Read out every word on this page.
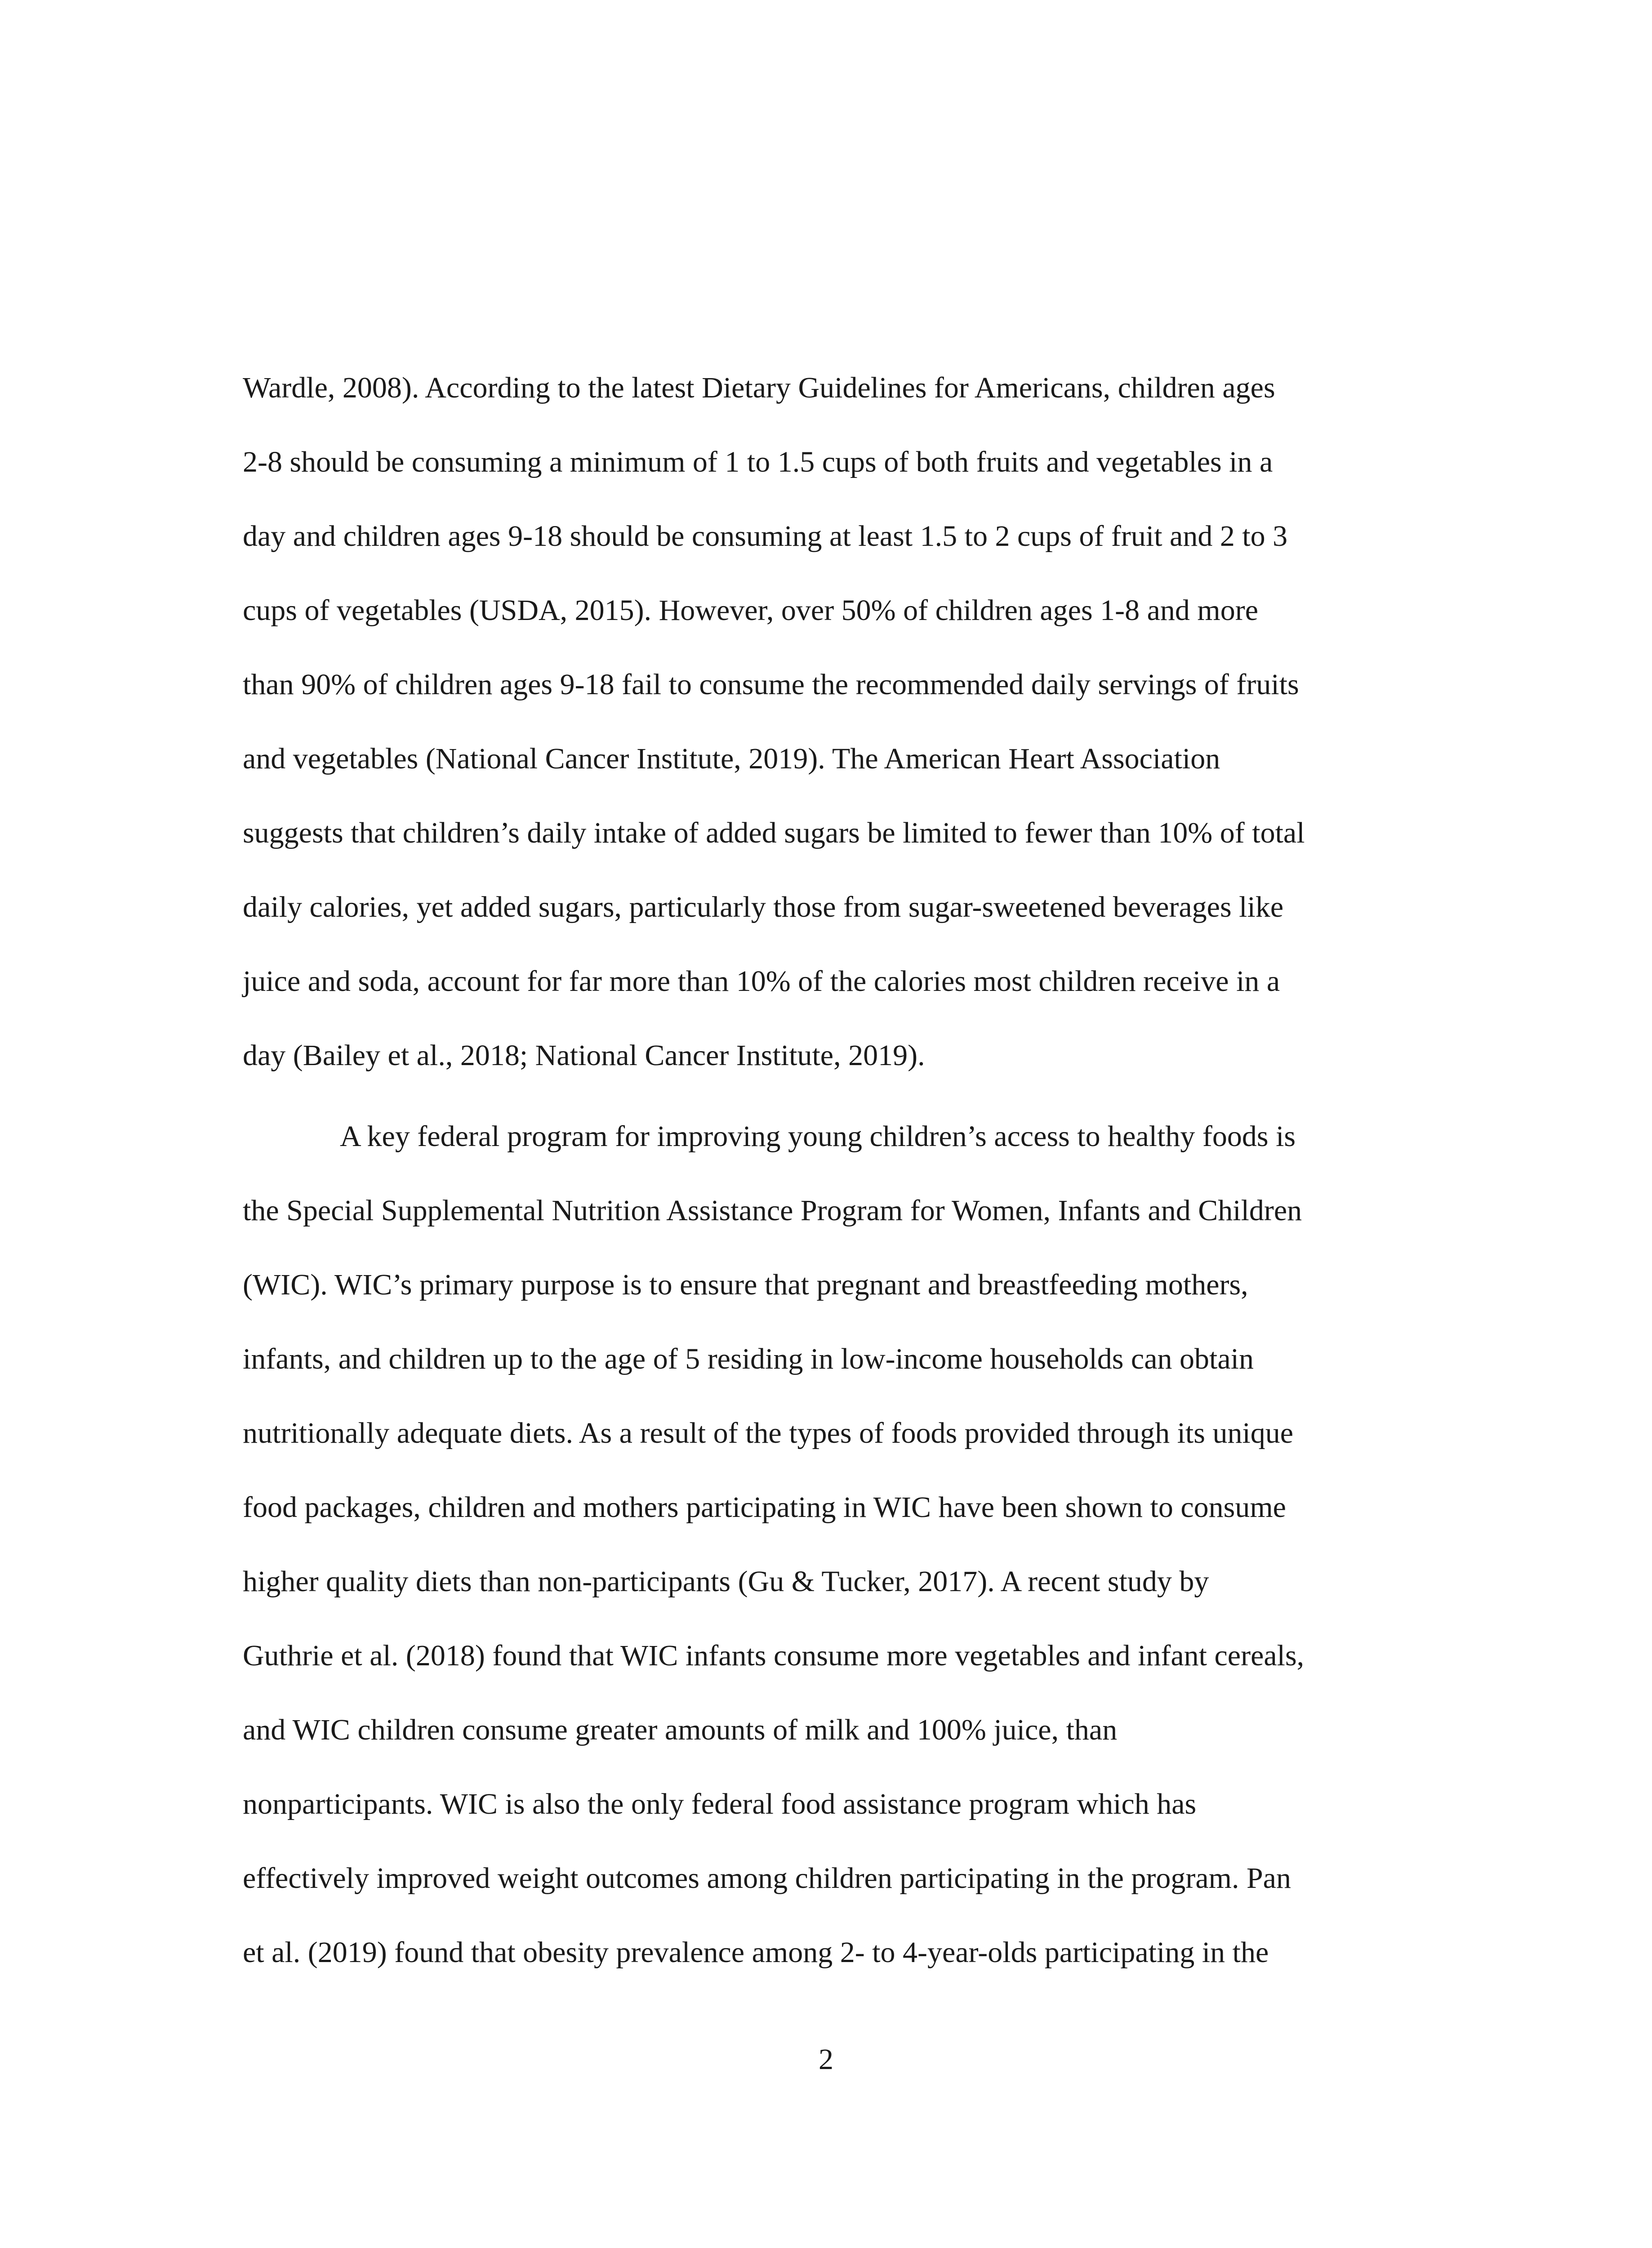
Wardle, 2008). According to the latest Dietary Guidelines for Americans, children ages
2-8 should be consuming a minimum of 1 to 1.5 cups of both fruits and vegetables in a
day and children ages 9-18 should be consuming at least 1.5 to 2 cups of fruit and 2 to 3
cups of vegetables (USDA, 2015). However, over 50% of children ages 1-8 and more
than 90% of children ages 9-18 fail to consume the recommended daily servings of fruits
and vegetables (National Cancer Institute, 2019). The American Heart Association
suggests that children’s daily intake of added sugars be limited to fewer than 10% of total
daily calories, yet added sugars, particularly those from sugar-sweetened beverages like
juice and soda, account for far more than 10% of the calories most children receive in a
day (Bailey et al., 2018; National Cancer Institute, 2019).
A key federal program for improving young children’s access to healthy foods is
the Special Supplemental Nutrition Assistance Program for Women, Infants and Children
(WIC). WIC’s primary purpose is to ensure that pregnant and breastfeeding mothers,
infants, and children up to the age of 5 residing in low-income households can obtain
nutritionally adequate diets. As a result of the types of foods provided through its unique
food packages, children and mothers participating in WIC have been shown to consume
higher quality diets than non-participants (Gu & Tucker, 2017). A recent study by
Guthrie et al. (2018) found that WIC infants consume more vegetables and infant cereals,
and WIC children consume greater amounts of milk and 100% juice, than
nonparticipants. WIC is also the only federal food assistance program which has
effectively improved weight outcomes among children participating in the program. Pan
et al. (2019) found that obesity prevalence among 2- to 4-year-olds participating in the
2
